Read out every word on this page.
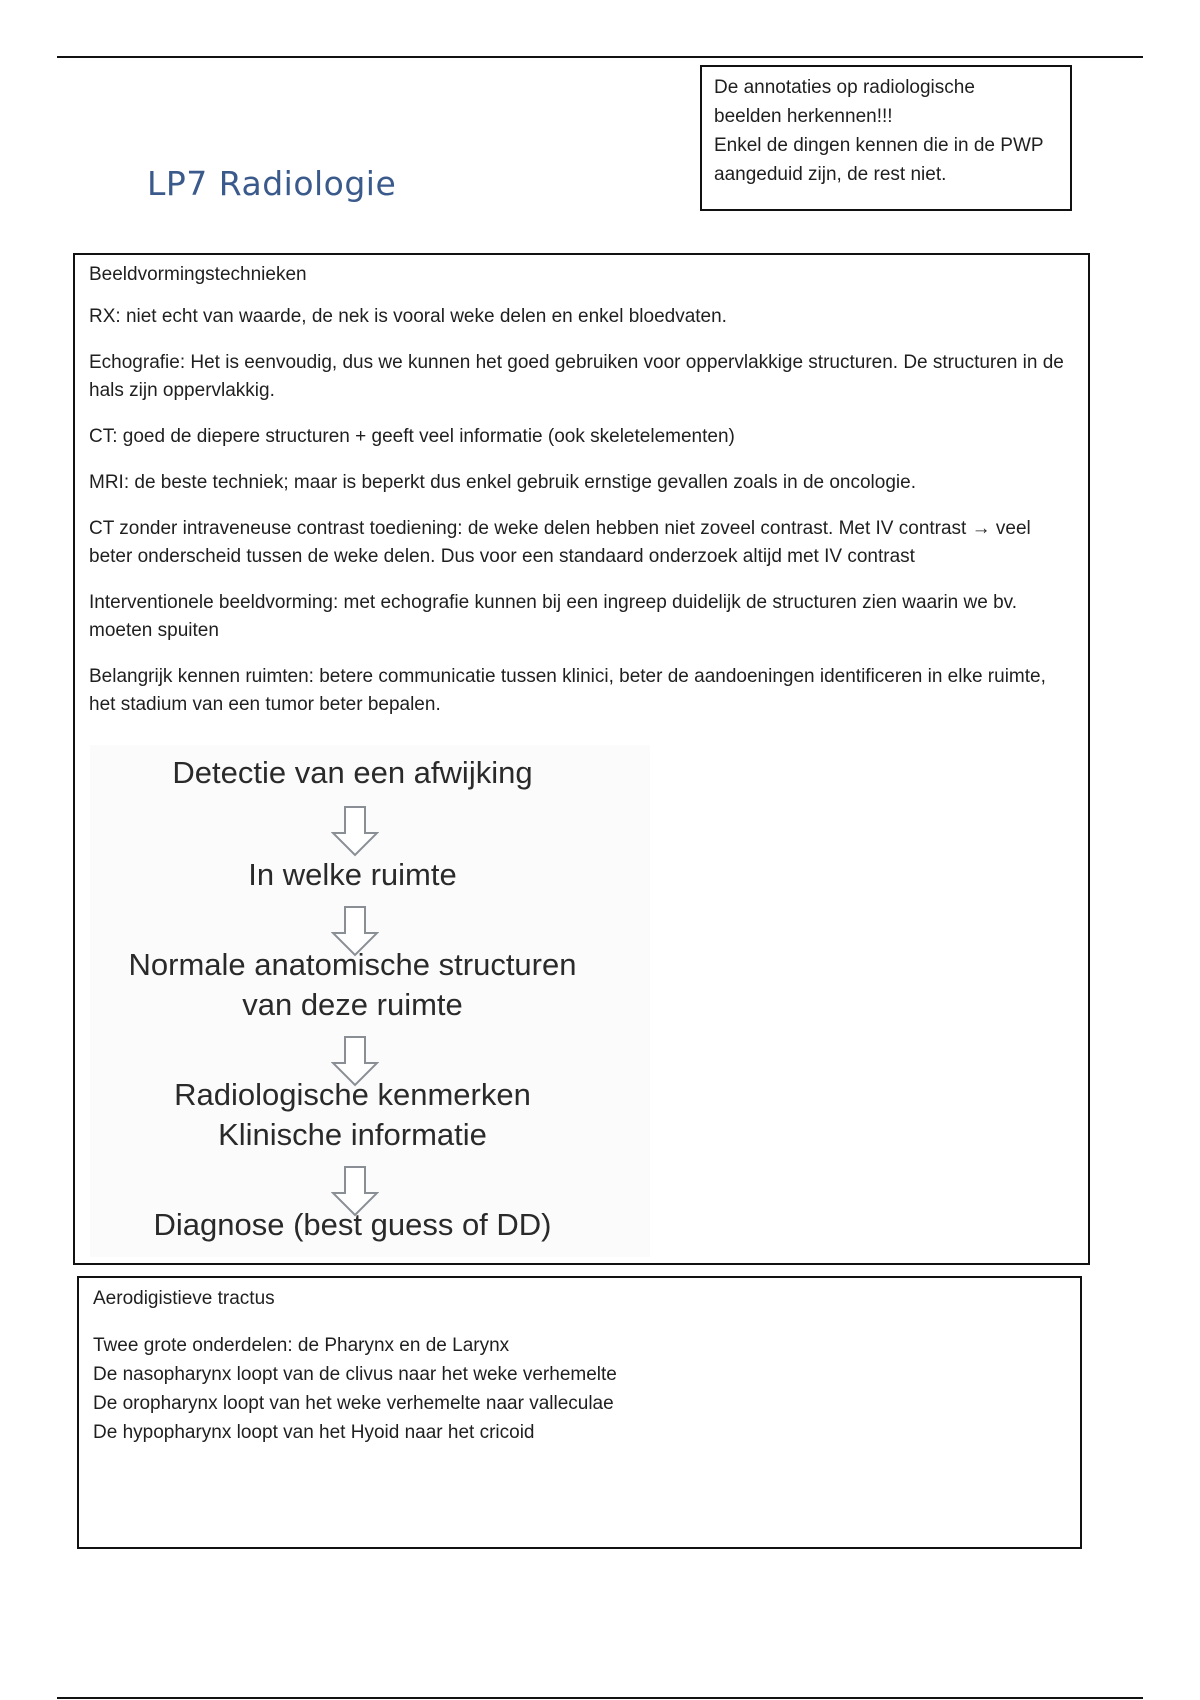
LP7 Radiologie
De annotaties op radiologische
beelden herkennen!!!
Enkel de dingen kennen die in de PWP
aangeduid zijn, de rest niet.

Beeldvormingstechnieken

RX: niet echt van waarde, de nek is vooral weke delen en enkel bloedvaten.

Echografie: Het is eenvoudig, dus we kunnen het goed gebruiken voor oppervlakkige structuren. De structuren in de hals zijn oppervlakkig.

CT: goed de diepere structuren + geeft veel informatie (ook skeletelementen)

MRI: de beste techniek; maar is beperkt dus enkel gebruik ernstige gevallen zoals in de oncologie.

CT zonder intraveneuse contrast toediening: de weke delen hebben niet zoveel contrast. Met IV contrast → veel beter onderscheid tussen de weke delen. Dus voor een standaard onderzoek altijd met IV contrast

Interventionele beeldvorming: met echografie kunnen bij een ingreep duidelijk de structuren zien waarin we bv. moeten spuiten

Belangrijk kennen ruimten: betere communicatie tussen klinici, beter de aandoeningen identificeren in elke ruimte, het stadium van een tumor beter bepalen.

Detectie van een afwijking
In welke ruimte
Normale anatomische structuren
van deze ruimte
Radiologische kenmerken
Klinische informatie
Diagnose (best guess of DD)

Aerodigistieve tractus

Twee grote onderdelen: de Pharynx en de Larynx

De nasopharynx loopt van de clivus naar het weke verhemelte

De oropharynx loopt van het weke verhemelte naar valleculae

De hypopharynx loopt van het Hyoid naar het cricoid
